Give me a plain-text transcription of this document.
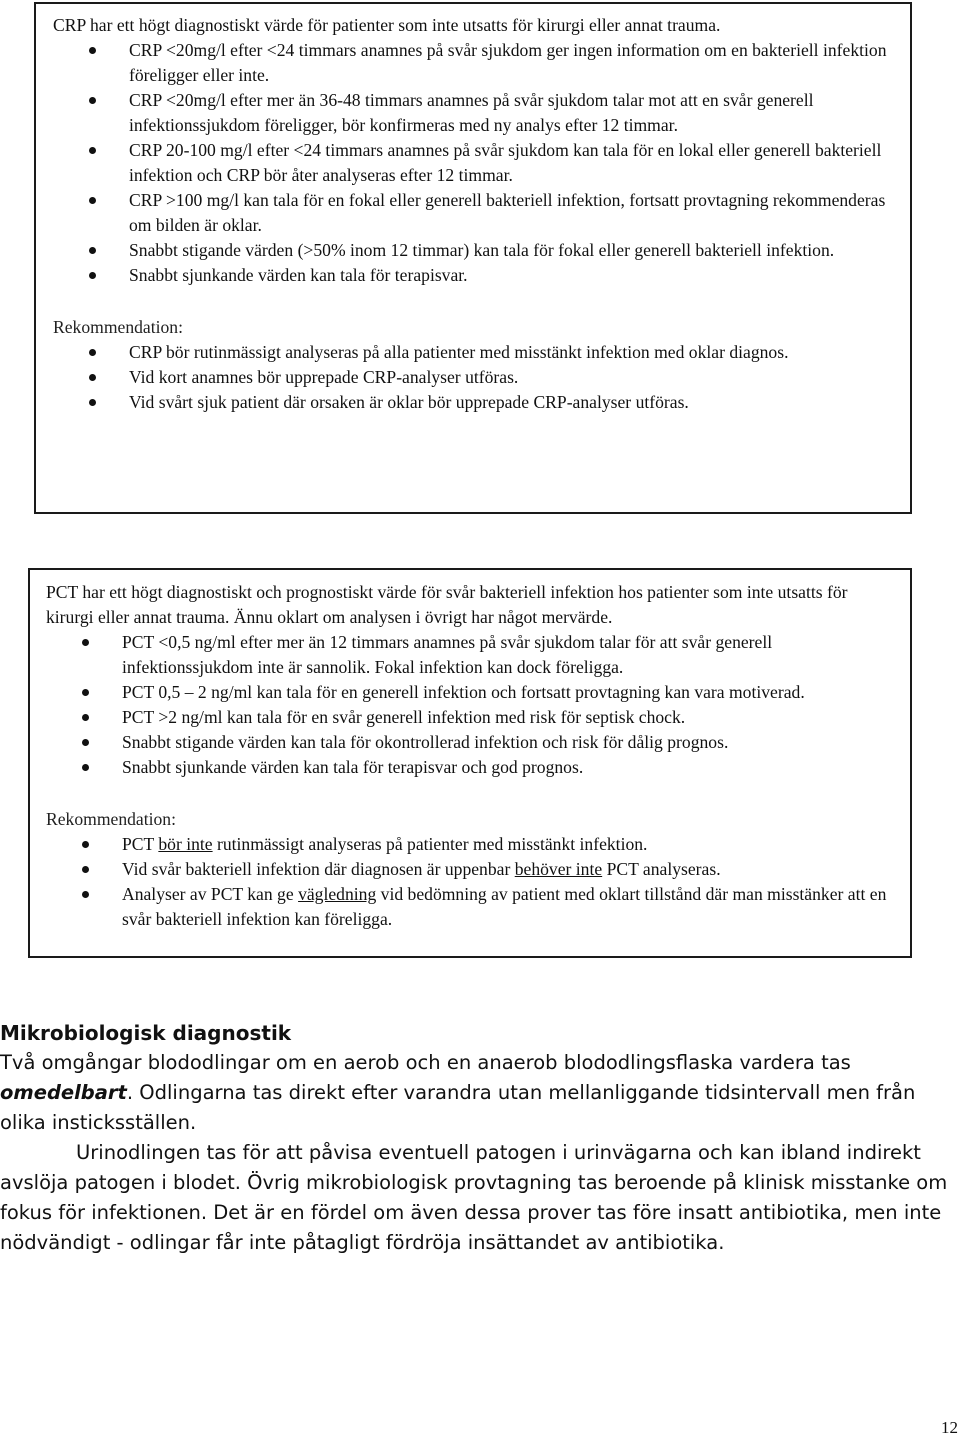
CRP har ett högt diagnostiskt värde för patienter som inte utsatts för kirurgi eller annat trauma.

CRP <20mg/l efter <24 timmars anamnes på svår sjukdom ger ingen information om en bakteriell infektion föreligger eller inte.
CRP <20mg/l efter mer än 36-48 timmars anamnes på svår sjukdom talar mot att en svår generell infektionssjukdom föreligger, bör konfirmeras med ny analys efter 12 timmar.
CRP 20-100 mg/l efter <24 timmars anamnes på svår sjukdom kan tala för en lokal eller generell bakteriell infektion och CRP bör åter analyseras efter 12 timmar.
CRP >100 mg/l kan tala för en fokal eller generell bakteriell infektion, fortsatt provtagning rekommenderas om bilden är oklar.
Snabbt stigande värden (>50% inom 12 timmar) kan tala för fokal eller generell bakteriell infektion.
Snabbt sjunkande värden kan tala för terapisvar.

Rekommendation:

CRP bör rutinmässigt analyseras på alla patienter med misstänkt infektion med oklar diagnos.
Vid kort anamnes bör upprepade CRP-analyser utföras.
Vid svårt sjuk patient där orsaken är oklar bör upprepade CRP-analyser utföras.

PCT har ett högt diagnostiskt och prognostiskt värde för svår bakteriell infektion hos patienter som inte utsatts för kirurgi eller annat trauma. Ännu oklart om analysen i övrigt har något mervärde.

PCT <0,5 ng/ml efter mer än 12 timmars anamnes på svår sjukdom talar för att svår generell infektionssjukdom inte är sannolik. Fokal infektion kan dock föreligga.
PCT 0,5 – 2 ng/ml kan tala för en generell infektion och fortsatt provtagning kan vara motiverad.
PCT >2 ng/ml kan tala för en svår generell infektion med risk för septisk chock.
Snabbt stigande värden kan tala för okontrollerad infektion och risk för dålig prognos.
Snabbt sjunkande värden kan tala för terapisvar och god prognos.

Rekommendation:

PCT bör inte rutinmässigt analyseras på patienter med misstänkt infektion.
Vid svår bakteriell infektion där diagnosen är uppenbar behöver inte PCT analyseras.
Analyser av PCT kan ge vägledning vid bedömning av patient med oklart tillstånd där man misstänker att en svår bakteriell infektion kan föreligga.
Mikrobiologisk diagnostik

Två omgångar blododlingar om en aerob och en anaerob blododlingsflaska vardera tas omedelbart. Odlingarna tas direkt efter varandra utan mellanliggande tidsintervall men från olika insticksställen.

Urinodlingen tas för att påvisa eventuell patogen i urinvägarna och kan ibland indirekt avslöja patogen i blodet. Övrig mikrobiologisk provtagning tas beroende på klinisk misstanke om fokus för infektionen. Det är en fördel om även dessa prover tas före insatt antibiotika, men inte nödvändigt - odlingar får inte påtagligt fördröja insättandet av antibiotika.

12
